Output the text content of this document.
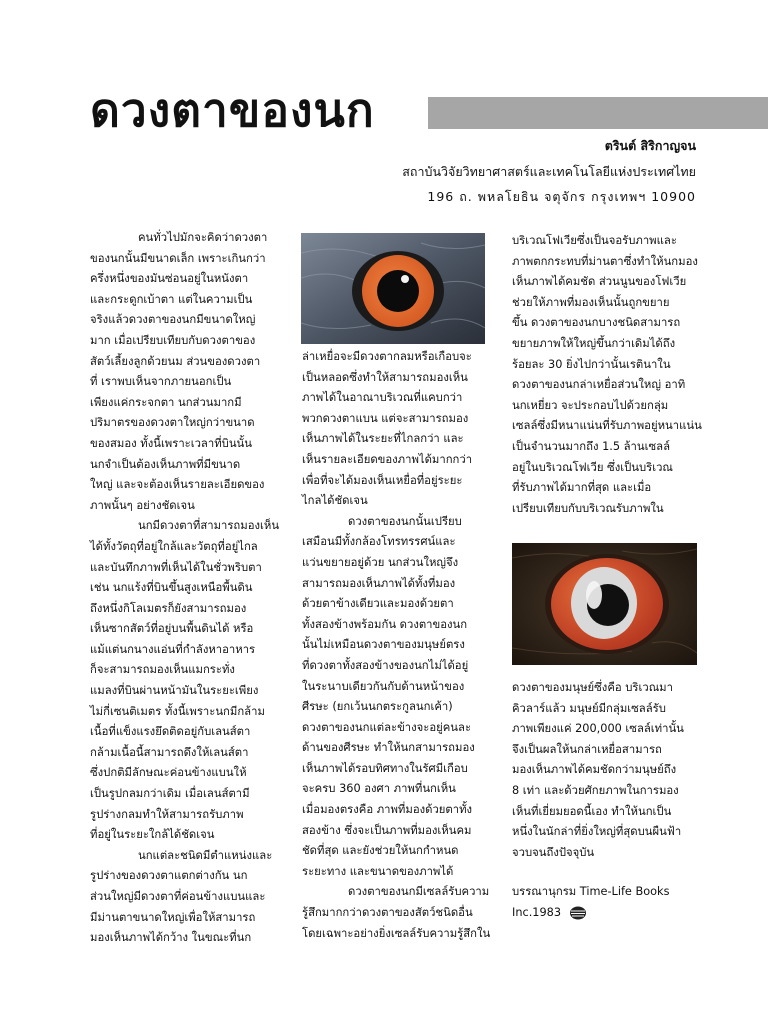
ดวงตาของนก
ตรินต์ สิริกาญจน
สถาบันวิจัยวิทยาศาสตร์และเทคโนโลยีแห่งประเทศไทย
196 ถ. พหลโยธิน จตุจักร กรุงเทพฯ 10900
คนทั่วไปมักจะคิดว่าดวงตา
ของนกนั้นมีขนาดเล็ก เพราะเกินกว่า
ครึ่งหนึ่งของมันซ่อนอยู่ในหนังตา
และกระดูกเบ้าตา แต่ในความเป็น
จริงแล้วดวงตาของนกมีขนาดใหญ่
มาก เมื่อเปรียบเทียบกับดวงตาของ
สัตว์เลี้ยงลูกด้วยนม ส่วนของดวงตา
ที่ เราพบเห็นจากภายนอกเป็น
เพียงแค่กระจกตา นกส่วนมากมี
ปริมาตรของดวงตาใหญ่กว่าขนาด
ของสมอง ทั้งนี้เพราะเวลาที่บินนั้น
นกจำเป็นต้องเห็นภาพที่มีขนาด
ใหญ่ และจะต้องเห็นรายละเอียดของ
ภาพนั้นๆ อย่างชัดเจน
นกมีดวงตาที่สามารถมองเห็น
ได้ทั้งวัตถุที่อยู่ใกล้และวัตถุที่อยู่ไกล
และบันทึกภาพที่เห็นได้ในชั่วพริบตา
เช่น นกแร้งที่บินขึ้นสูงเหนือพื้นดิน
ถึงหนึ่งกิโลเมตรก็ยังสามารถมอง
เห็นซากสัตว์ที่อยู่บนพื้นดินได้ หรือ
แม้แต่นกนางแอ่นที่กำลังหาอาหาร
ก็จะสามารถมองเห็นแมกระทั่ง
แมลงที่บินผ่านหน้ามันในระยะเพียง
ไม่กี่เซนติเมตร ทั้งนี้เพราะนกมีกล้าม
เนื้อที่แข็งแรงยึดติดอยู่กับเลนส์ตา
กล้ามเนื้อนี้สามารถดึงให้เลนส์ตา
ซึ่งปกติมีลักษณะค่อนข้างแบนให้
เป็นรูปกลมกว่าเดิม เมื่อเลนส์ตามี
รูปร่างกลมทำให้สามารถรับภาพ
ที่อยู่ในระยะใกล้ได้ชัดเจน
นกแต่ละชนิดมีตำแหน่งและ
รูปร่างของดวงตาแตกต่างกัน นก
ส่วนใหญ่มีดวงตาที่ค่อนข้างแบนและ
มีม่านตาขนาดใหญ่เพื่อให้สามารถ
มองเห็นภาพได้กว้าง ในขณะที่นก
ล่าเหยื่อจะมีดวงตากลมหรือเกือบจะ
เป็นหลอดซึ่งทำให้สามารถมองเห็น
ภาพได้ในอาณาบริเวณที่แคบกว่า
พวกดวงตาแบน แต่จะสามารถมอง
เห็นภาพได้ในระยะที่ไกลกว่า และ
เห็นรายละเอียดของภาพได้มากกว่า
เพื่อที่จะได้มองเห็นเหยื่อที่อยู่ระยะ
ไกลได้ชัดเจน
ดวงตาของนกนั้นเปรียบ
เสมือนมีทั้งกล้องโทรทรรศน์และ
แว่นขยายอยู่ด้วย นกส่วนใหญ่จึง
สามารถมองเห็นภาพได้ทั้งที่มอง
ด้วยตาข้างเดียวและมองด้วยตา
ทั้งสองข้างพร้อมกัน ดวงตาของนก
นั้นไม่เหมือนดวงตาของมนุษย์ตรง
ที่ดวงตาทั้งสองข้างของนกไม่ได้อยู่
ในระนาบเดียวกันกับด้านหน้าของ
ศีรษะ (ยกเว้นนกตระกูลนกเค้า)
ดวงตาของนกแต่ละข้างจะอยู่คนละ
ด้านของศีรษะ ทำให้นกสามารถมอง
เห็นภาพได้รอบทิศทางในรัศมีเกือบ
จะครบ 360 องศา ภาพที่นกเห็น
เมื่อมองตรงคือ ภาพที่มองด้วยตาทั้ง
สองข้าง ซึ่งจะเป็นภาพที่มองเห็นคม
ชัดที่สุด และยังช่วยให้นกกำหนด
ระยะทาง และขนาดของภาพได้
ดวงตาของนกมีเซลล์รับความ
รู้สึกมากกว่าดวงตาของสัตว์ชนิดอื่น
โดยเฉพาะอย่างยิ่งเซลล์รับความรู้สึกใน
บริเวณโฟเวียซึ่งเป็นจอรับภาพและ
ภาพตกกระทบที่ม่านตาซึ่งทำให้นกมอง
เห็นภาพได้คมชัด ส่วนนูนของโฟเวีย
ช่วยให้ภาพที่มองเห็นนั้นถูกขยาย
ขึ้น ดวงตาของนกบางชนิดสามารถ
ขยายภาพให้ใหญ่ขึ้นกว่าเดิมได้ถึง
ร้อยละ 30 ยิ่งไปกว่านั้นเรตินาใน
ดวงตาของนกล่าเหยื่อส่วนใหญ่ อาทิ
นกเหยี่ยว จะประกอบไปด้วยกลุ่ม
เซลล์ซึ่งมีหนาแน่นที่รับภาพอยู่หนาแน่น
เป็นจำนวนมากถึง 1.5 ล้านเซลล์
อยู่ในบริเวณโฟเวีย ซึ่งเป็นบริเวณ
ที่รับภาพได้มากที่สุด และเมื่อ
เปรียบเทียบกับบริเวณรับภาพใน
ดวงตาของมนุษย์ซึ่งคือ บริเวณมา
คิวลาร์แล้ว มนุษย์มีกลุ่มเซลล์รับ
ภาพเพียงแค่ 200,000 เซลล์เท่านั้น
จึงเป็นผลให้นกล่าเหยื่อสามารถ
มองเห็นภาพได้คมชัดกว่ามนุษย์ถึง
8 เท่า และด้วยศักยภาพในการมอง
เห็นที่เยี่ยมยอดนี้เอง ทำให้นกเป็น
หนึ่งในนักล่าที่ยิ่งใหญ่ที่สุดบนผืนฟ้า
จวบจนถึงปัจจุบัน
บรรณานุกรม Time-Life Books
Inc.1983
